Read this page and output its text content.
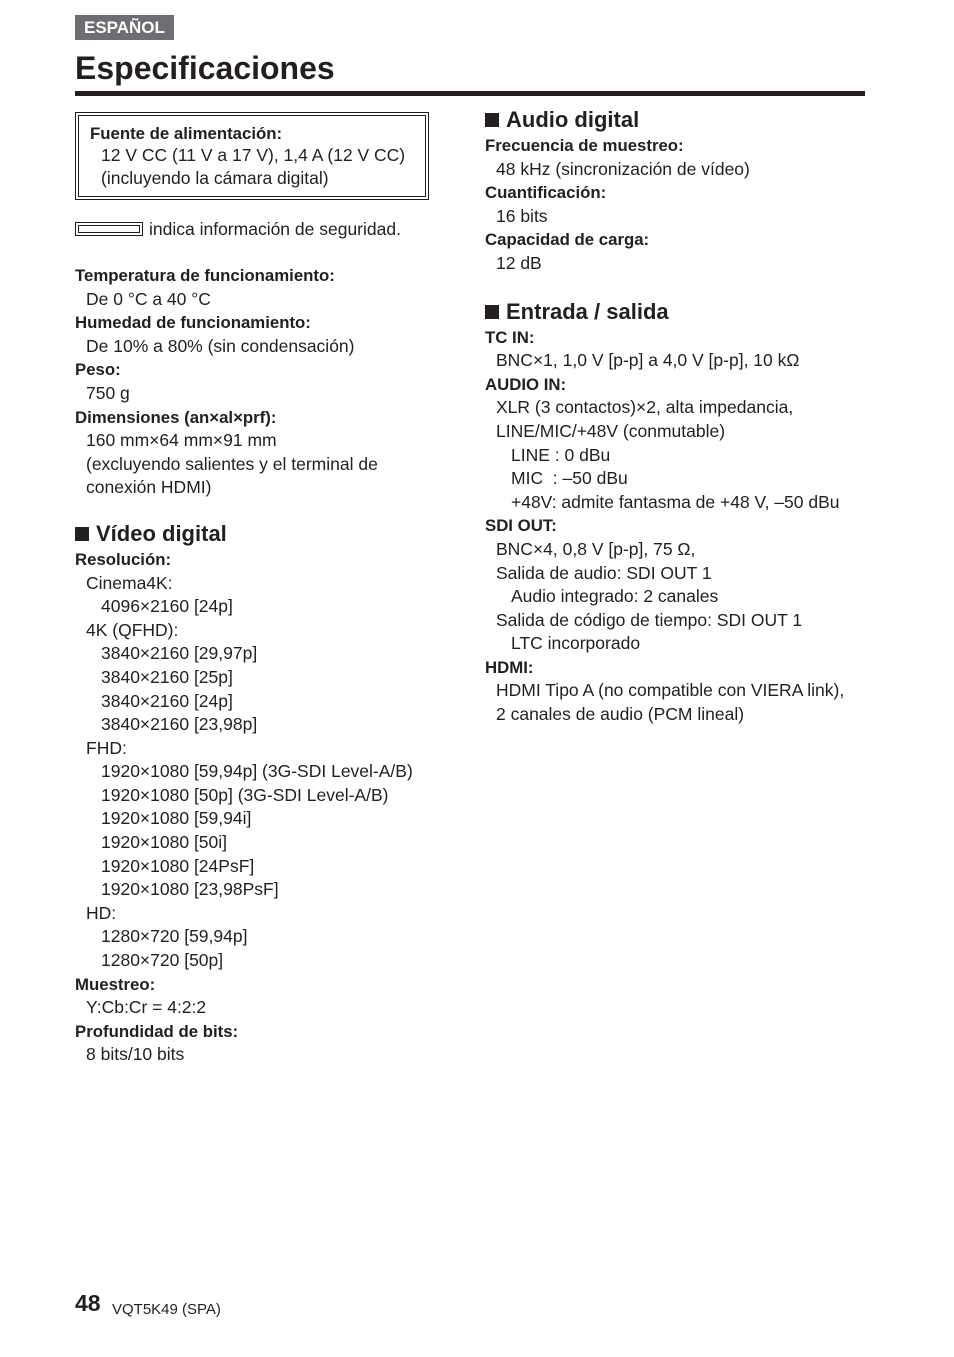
ESPAÑOL
Especificaciones
Fuente de alimentación:
12 V CC (11 V a 17 V), 1,4 A (12 V CC)
(incluyendo la cámara digital)
indica información de seguridad.
Temperatura de funcionamiento:
De 0 °C a 40 °C
Humedad de funcionamiento:
De 10% a 80% (sin condensación)
Peso:
750 g
Dimensiones (an×al×prf):
160 mm×64 mm×91 mm
(excluyendo salientes y el terminal de
conexión HDMI)
Vídeo digital
Resolución:
Cinema4K:
4096×2160 [24p]
4K (QFHD):
3840×2160 [29,97p]
3840×2160 [25p]
3840×2160 [24p]
3840×2160 [23,98p]
FHD:
1920×1080 [59,94p] (3G-SDI Level-A/B)
1920×1080 [50p] (3G-SDI Level-A/B)
1920×1080 [59,94i]
1920×1080 [50i]
1920×1080 [24PsF]
1920×1080 [23,98PsF]
HD:
1280×720 [59,94p]
1280×720 [50p]
Muestreo:
Y:Cb:Cr = 4:2:2
Profundidad de bits:
8 bits/10 bits
Audio digital
Frecuencia de muestreo:
48 kHz (sincronización de vídeo)
Cuantificación:
16 bits
Capacidad de carga:
12 dB
Entrada / salida
TC IN:
BNC×1, 1,0 V [p-p] a 4,0 V [p-p], 10 kΩ
AUDIO IN:
XLR (3 contactos)×2, alta impedancia,
LINE/MIC/+48V (conmutable)
LINE : 0 dBu
MIC  : –50 dBu
+48V: admite fantasma de +48 V, –50 dBu
SDI OUT:
BNC×4, 0,8 V [p-p], 75 Ω,
Salida de audio: SDI OUT 1
Audio integrado: 2 canales
Salida de código de tiempo: SDI OUT 1
LTC incorporado
HDMI:
HDMI Tipo A (no compatible con VIERA link),
2 canales de audio (PCM lineal)
48 VQT5K49 (SPA)
